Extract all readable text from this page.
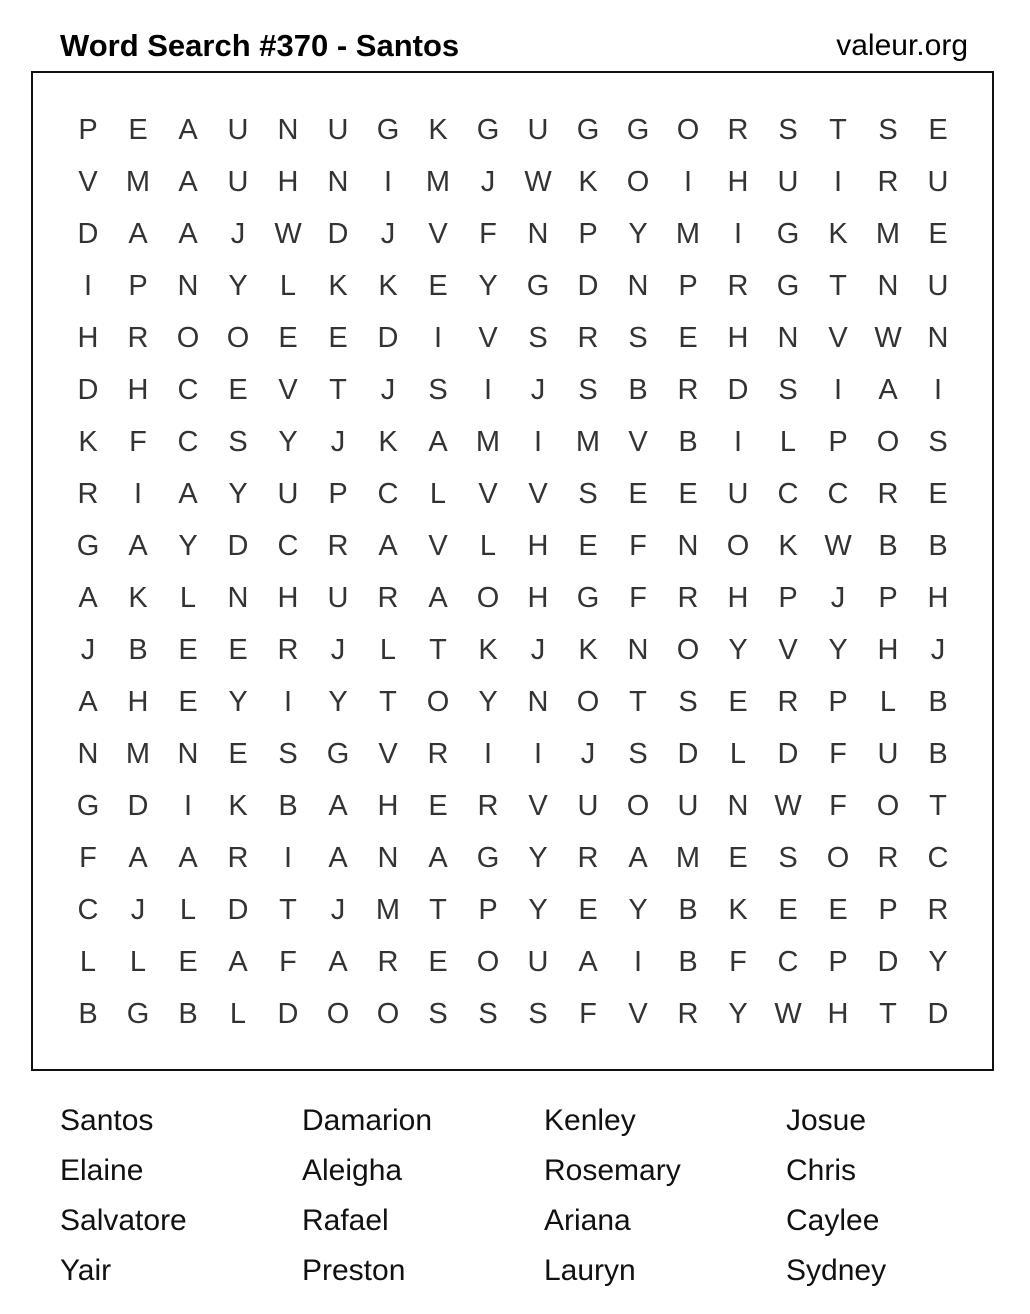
Word Search #370 - Santos	valeur.org
P	E	A	U	N	U G	K	G U G G O R	S	T	S	E
V M A	U	H	N	I	M	J	W K	O	I	H	U	I	R	U
D	A	A	J	W D	J	V	F	N	P	Y M	I	G	K M E
I	P	N	Y	L	K	K	E	Y	G D	N	P	R G	T	N	U
H	R O O	E	E	D	I	V	S	R	S	E	H	N	V W N
D	H	C	E	V	T	J	S	I	J	S	B	R	D	S	I	A	I
K	F	C	S	Y	J	K	A M	I	M V	B	I	L	P	O	S
R	I	A	Y	U	P	C	L	V	V	S	E	E	U	C	C	R	E
G	A	Y	D	C	R	A	V	L	H	E	F	N O	K W B	B
A	K	L	N	H	U	R	A	O H G	F	R	H	P	J	P	H
J	B	E	E	R	J	L	T	K	J	K	N O	Y	V	Y	H	J
A	H	E	Y	I	Y	T	O	Y	N O	T	S	E	R	P	L	B
N M N	E	S	G	V	R	I	I	J	S	D	L	D	F	U	B
G D	I	K	B	A	H	E	R	V	U O U	N W F	O	T
F	A	A	R	I	A	N	A	G	Y	R	A M E	S	O R	C
C	J	L	D	T	J	M	T	P	Y	E	Y	B	K	E	E	P	R
L	L	E	A	F	A	R	E	O U	A	I	B	F	C	P	D	Y
B	G	B	L	D O O	S	S	S	F	V	R	Y W H	T	D
Santos	Damarion	Kenley	Josue
Elaine	Aleigha	Rosemary	Chris
Salvatore	Rafael	Ariana	Caylee
Yair	Preston	Lauryn	Sydney
